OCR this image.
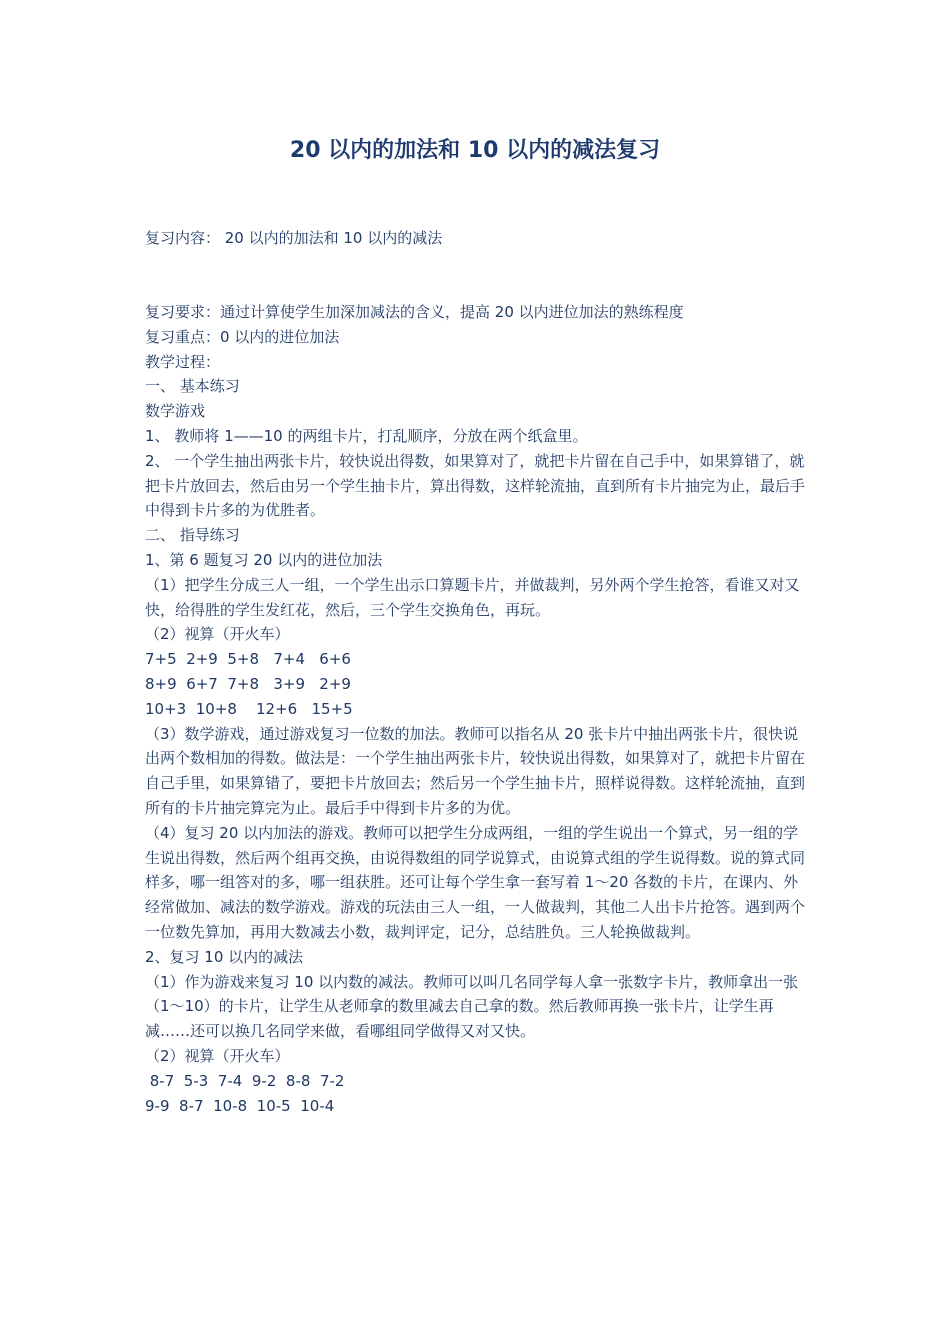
20 以内的加法和 10 以内的减法复习
复习内容： 20 以内的加法和 10 以内的减法

复习要求：通过计算使学生加深加减法的含义，提高 20 以内进位加法的熟练程度

复习重点：0 以内的进位加法

教学过程：

一、 基本练习

数学游戏

1、 教师将 1——10 的两组卡片，打乱顺序，分放在两个纸盒里。

2、 一个学生抽出两张卡片，较快说出得数，如果算对了，就把卡片留在自己手中，如果算错了，就把卡片放回去，然后由另一个学生抽卡片，算出得数，这样轮流抽，直到所有卡片抽完为止，最后手中得到卡片多的为优胜者。

二、 指导练习

1、第 6 题复习 20 以内的进位加法

（1）把学生分成三人一组，一个学生出示口算题卡片，并做裁判，另外两个学生抢答，看谁又对又快，给得胜的学生发红花，然后，三个学生交换角色，再玩。

（2）视算（开火车）

7+5  2+9  5+8   7+4   6+6

8+9  6+7  7+8   3+9   2+9

10+3  10+8    12+6   15+5

（3）数学游戏，通过游戏复习一位数的加法。教师可以指名从 20 张卡片中抽出两张卡片，很快说出两个数相加的得数。做法是：一个学生抽出两张卡片，较快说出得数，如果算对了，就把卡片留在自己手里，如果算错了，要把卡片放回去；然后另一个学生抽卡片，照样说得数。这样轮流抽，直到所有的卡片抽完算完为止。最后手中得到卡片多的为优。

（4）复习 20 以内加法的游戏。教师可以把学生分成两组，一组的学生说出一个算式，另一组的学生说出得数，然后两个组再交换，由说得数组的同学说算式，由说算式组的学生说得数。说的算式同样多，哪一组答对的多，哪一组获胜。还可让每个学生拿一套写着 1～20 各数的卡片，在课内、外经常做加、减法的数学游戏。游戏的玩法由三人一组，一人做裁判，其他二人出卡片抢答。遇到两个一位数先算加，再用大数减去小数，裁判评定，记分，总结胜负。三人轮换做裁判。

2、复习 10 以内的减法

（1）作为游戏来复习 10 以内数的减法。教师可以叫几名同学每人拿一张数字卡片，教师拿出一张（1～10）的卡片，让学生从老师拿的数里减去自己拿的数。然后教师再换一张卡片，让学生再减……还可以换几名同学来做，看哪组同学做得又对又快。

（2）视算（开火车）

8-7  5-3  7-4  9-2  8-8  7-2

9-9  8-7  10-8  10-5  10-4
